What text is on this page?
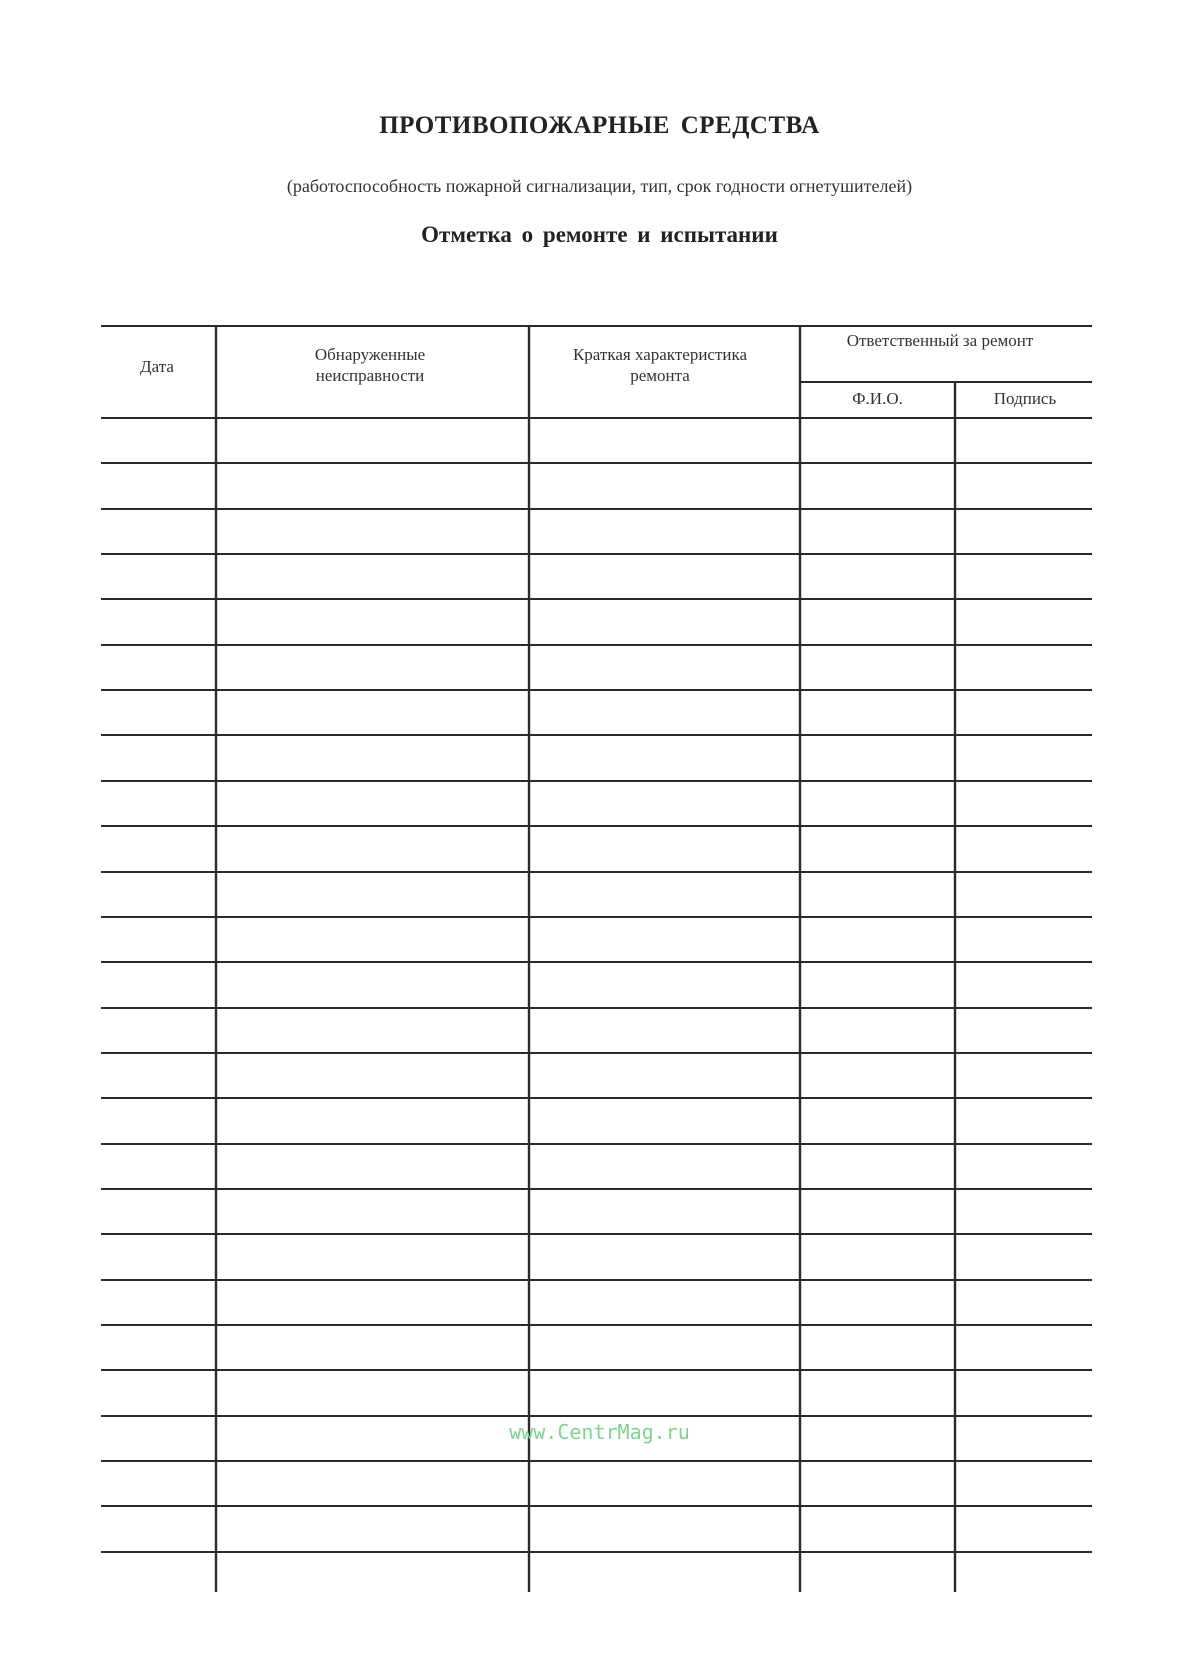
ПРОТИВОПОЖАРНЫЕ СРЕДСТВА
(работоспособность пожарной сигнализации, тип, срок годности огнетушителей)
Отметка о ремонте и испытании
Дата
Обнаруженные неисправности
Краткая характеристика ремонта
Ответственный за ремонт
Ф.И.О.	Подпись
www.CentrMag.ru
